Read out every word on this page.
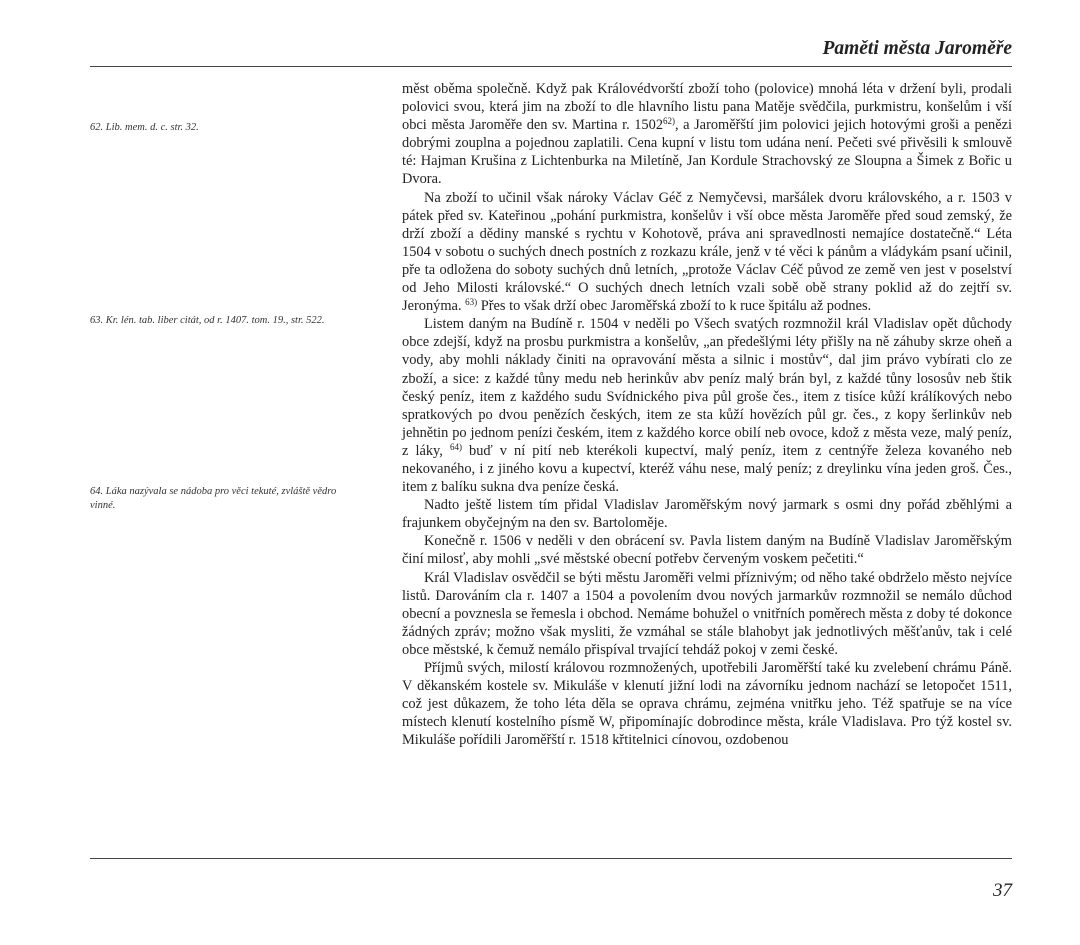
Paměti města Jaroměře

62. Lib. mem. d. c. str. 32.

63. Kr. lén. tab. liber citát, od r. 1407. tom. 19., str. 522.

64. Láka nazývala se nádoba pro věci tekuté, zvláště vědro vinné.

měst oběma společně. Když pak Královédvorští zboží toho (polovice) mnohá léta v držení byli, prodali polovici svou, která jim na zboží to dle hlavního listu pana Matěje svědčila, purkmistru, konšelům i vší obci města Jaroměře den sv. Martina r. 1502$^{62)}$, a Jaroměřští jim polovici jejich hotovými groši a penězi dobrými zouplna a pojednou zaplatili. Cena kupní v listu tom udána není. Pečeti své přivěsili k smlouvě té: Hajman Krušina z Lichtenburka na Miletíně, Jan Kordule Strachovský ze Sloupna a Šimek z Bořic u Dvora.

Na zboží to učinil však nároky Václav Géč z Nemyčevsi, maršálek dvoru královského, a r. 1503 v pátek před sv. Kateřinou „pohání purkmistra, konšelův i vší obce města Jaroměře před soud zemský, že drží zboží a dědiny manské s rychtu v Kohotově, práva ani spravedlnosti nemajíce dostatečně.“ Léta 1504 v sobotu o suchých dnech postních z rozkazu krále, jenž v té věci k pánům a vládykám psaní učinil, pře ta odložena do soboty suchých dnů letních, „protože Václav Céč původ ze země ven jest v poselství od Jeho Milosti královské.“ O suchých dnech letních vzali sobě obě strany poklid až do zejtří sv. Jeronýma. $^{63)}$ Přes to však drží obec Jaroměřská zboží to k ruce špitálu až podnes.

Listem daným na Budíně r. 1504 v neděli po Všech svatých rozmnožil král Vladislav opět důchody obce zdejší, když na prosbu purkmistra a konšelův, „an předešlými léty přišly na ně záhuby skrze oheň a vody, aby mohli náklady činiti na opravování města a silnic i mostův“, dal jim právo vybírati clo ze zboží, a sice: z každé tůny medu neb herinkův abv peníz malý brán byl, z každé tůny lososův neb štik český peníz, item z každého sudu Svídnického piva půl groše čes., item z tisíce kůží králíkových nebo spratkových po dvou penězích českých, item ze sta kůží hovězích půl gr. čes., z kopy šerlinkův neb jehnětin po jednom penízi českém, item z každého korce obilí neb ovoce, kdož z města veze, malý peníz, z láky, $^{64)}$ buď v ní pití neb kterékoli kupectví, malý peníz, item z centnýře železa kovaného neb nekovaného, i z jiného kovu a kupectví, kteréž váhu nese, malý peníz; z dreylinku vína jeden groš. Čes., item z balíku sukna dva peníze česká.

Nadto ještě listem tím přidal Vladislav Jaroměřským nový jarmark s osmi dny pořád zběhlými a frajunkem obyčejným na den sv. Bartoloměje.

Konečně r. 1506 v neděli v den obrácení sv. Pavla listem daným na Budíně Vladislav Jaroměřským činí milosť, aby mohli „své městské obecní potřebv červeným voskem pečetiti.“

Král Vladislav osvědčil se býti městu Jaroměři velmi příznivým; od něho také obdrželo město nejvíce listů. Darováním cla r. 1407 a 1504 a povolením dvou nových jarmarkův rozmnožil se nemálo důchod obecní a povznesla se řemesla i obchod. Nemáme bohužel o vnitřních poměrech města z doby té dokonce žádných zpráv; možno však mysliti, že vzmáhal se stále blahobyt jak jednotlivých měšťanův, tak i celé obce městské, k čemuž nemálo přispíval trvající tehdáž pokoj v zemi české.

Příjmů svých, milostí královou rozmnožených, upotřebili Jaroměřští také ku zvelebení chrámu Páně. V děkanském kostele sv. Mikuláše v klenutí jižní lodi na závorníku jednom nachází se letopočet 1511, což jest důkazem, že toho léta děla se oprava chrámu, zejména vnitřku jeho. Též spatřuje se na více místech klenutí kostelního písmě W, připomínajíc dobrodince města, krále Vladislava. Pro týž kostel sv. Mikuláše pořídili Jaroměřští r. 1518 křtitelnici cínovou, ozdobenou

37
